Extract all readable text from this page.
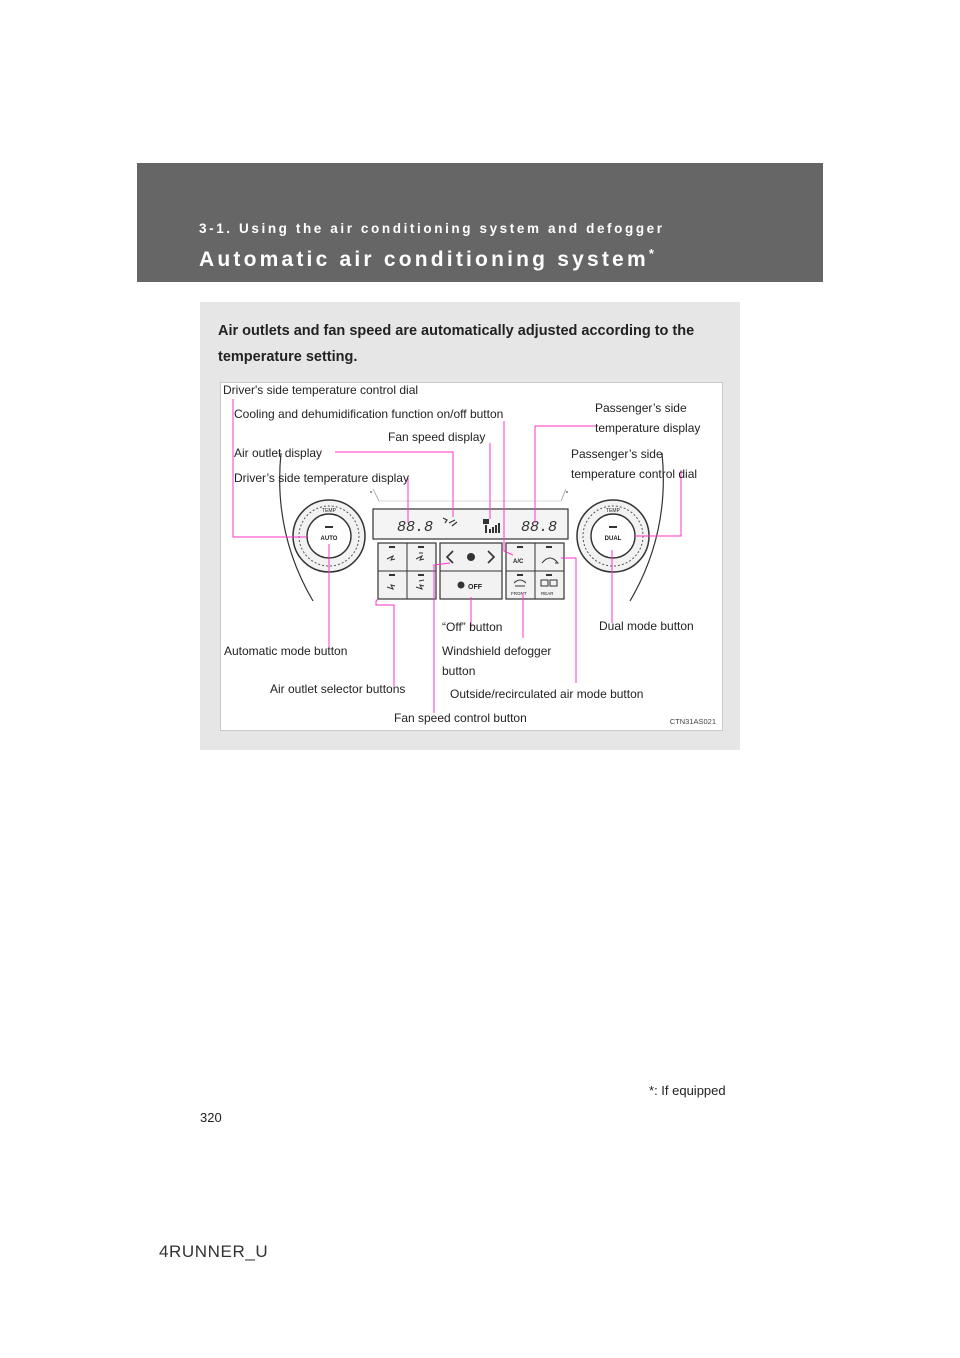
3-1. Using the air conditioning system and defogger
Automatic air conditioning system*
Air outlets and fan speed are automatically adjusted according to the temperature setting.
TEMP
AUTO
TEMP
DUAL
88.8	88.8
OFF
A/C
FRONT	REAR
Driver's side temperature control dial
Cooling and dehumidification function on/off button	Passenger’s side
temperature display
Fan speed display
Air outlet display	Passenger’s side
temperature control dial
Driver’s side temperature display
“Off” button	Dual mode button
Automatic mode button	Windshield defogger
button
Air outlet selector buttons	Outside/recirculated air mode button
Fan speed control button	CTN31AS021
*: If equipped
320
4RUNNER_U
